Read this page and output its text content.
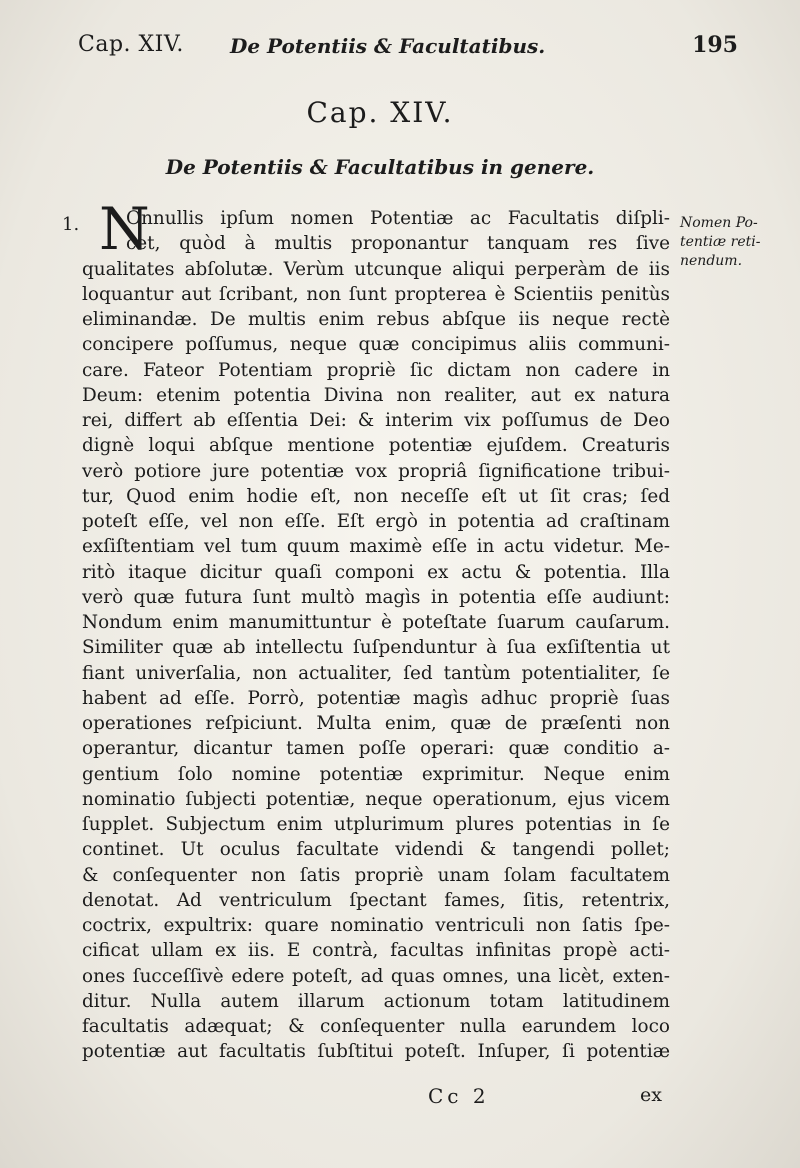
Cap. XIV. De Potentiis & Facultatibus.	195
Cap. XIV.
De Potentiis & Facultatibus in genere.
1. N	Nomen Po-
tentiæ reti-
nendum.
Onnullis ipſum nomen Potentiæ ac Facultatis diſpli-
cet, quòd à multis proponantur tanquam res ſive
qualitates abſolutæ. Verùm utcunque aliqui perperàm de iis
loquantur aut ſcribant, non ſunt propterea è Scientiis penitùs
eliminandæ. De multis enim rebus abſque iis neque rectè
concipere poſſumus, neque quæ concipimus aliis communi-
care. Fateor Potentiam propriè ſic dictam non cadere in
Deum: etenim potentia Divina non realiter, aut ex natura
rei, differt ab eſſentia Dei: & interim vix poſſumus de Deo
dignè loqui abſque mentione potentiæ ejuſdem. Creaturis
verò potiore jure potentiæ vox propriâ ſignificatione tribui-
tur, Quod enim hodie eſt, non neceſſe eſt ut ſit cras; ſed
poteſt eſſe, vel non eſſe. Eſt ergò in potentia ad craſtinam
exſiſtentiam vel tum quum maximè eſſe in actu videtur. Me-
ritò itaque dicitur quaſi componi ex actu & potentia. Illa
verò quæ futura ſunt multò magìs in potentia eſſe audiunt:
Nondum enim manumittuntur è poteſtate ſuarum cauſarum.
Similiter quæ ab intellectu ſuſpenduntur à ſua exſiſtentia ut
fiant univerſalia, non actualiter, ſed tantùm potentialiter, ſe
habent ad eſſe. Porrò, potentiæ magìs adhuc propriè ſuas
operationes reſpiciunt. Multa enim, quæ de præſenti non
operantur, dicantur tamen poſſe operari: quæ conditio a-
gentium ſolo nomine potentiæ exprimitur. Neque enim
nominatio ſubjecti potentiæ, neque operationum, ejus vicem
ſupplet. Subjectum enim utplurimum plures potentias in ſe
continet. Ut oculus facultate videndi & tangendi pollet;
& conſequenter non ſatis propriè unam ſolam facultatem
denotat. Ad ventriculum ſpectant fames, ſitis, retentrix,
coctrix, expultrix: quare nominatio ventriculi non ſatis ſpe-
cificat ullam ex iis. E contrà, facultas infinitas propè acti-
ones ſucceſſivè edere poteſt, ad quas omnes, una licèt, exten-
ditur. Nulla autem illarum actionum totam latitudinem
facultatis adæquat; & conſequenter nulla earundem loco
potentiæ aut facultatis ſubſtitui poteſt. Inſuper, ſi potentiæ
Cc 2	ex
